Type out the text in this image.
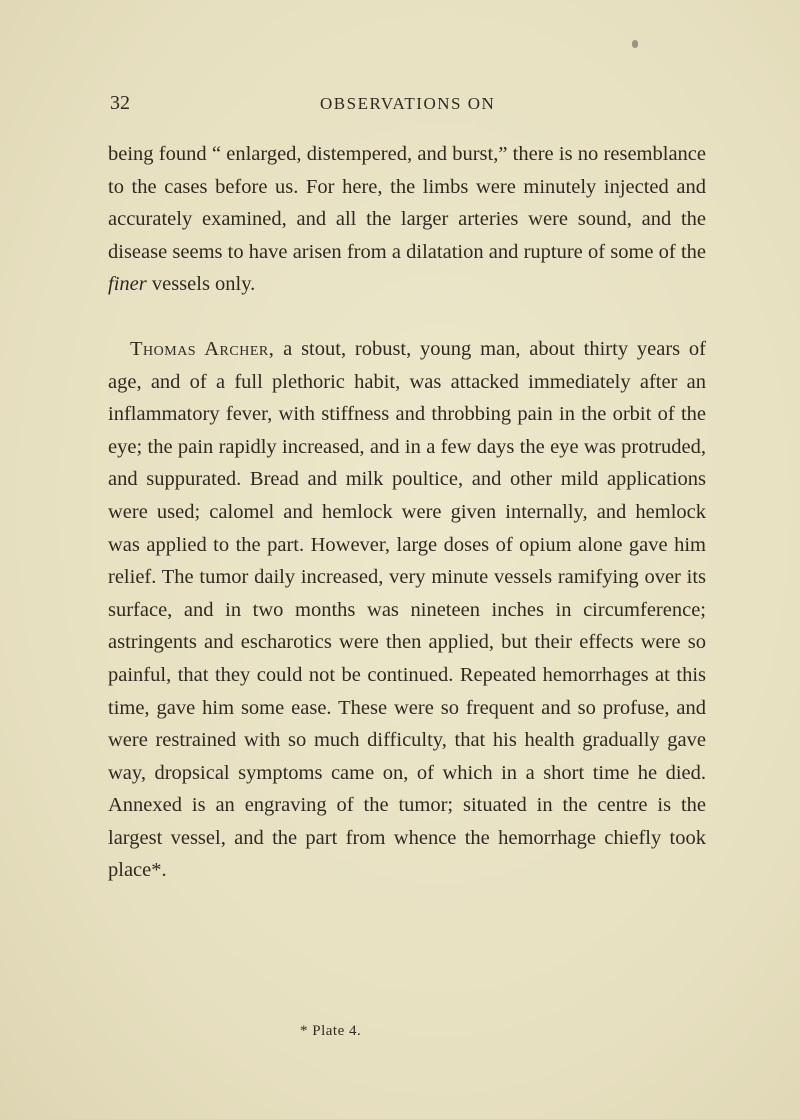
32	OBSERVATIONS ON

being found “ enlarged, distempered, and burst,” there is no resemblance to the cases before us. For here, the limbs were minutely injected and accurately examined, and all the larger arteries were sound, and the disease seems to have arisen from a dilatation and rupture of some of the finer vessels only.

Thomas Archer, a stout, robust, young man, about thirty years of age, and of a full plethoric habit, was attacked immediately after an inflammatory fever, with stiffness and throbbing pain in the orbit of the eye; the pain rapidly increased, and in a few days the eye was protruded, and suppurated. Bread and milk poultice, and other mild applications were used; calomel and hemlock were given internally, and hemlock was applied to the part. However, large doses of opium alone gave him relief. The tumor daily increased, very minute vessels ramifying over its surface, and in two months was nineteen inches in circumference; astringents and escharotics were then applied, but their effects were so painful, that they could not be continued. Repeated hemorrhages at this time, gave him some ease. These were so frequent and so profuse, and were restrained with so much difficulty, that his health gradually gave way, dropsical symptoms came on, of which in a short time he died. Annexed is an engraving of the tumor; situated in the centre is the largest vessel, and the part from whence the hemorrhage chiefly took place*.

* Plate 4.
